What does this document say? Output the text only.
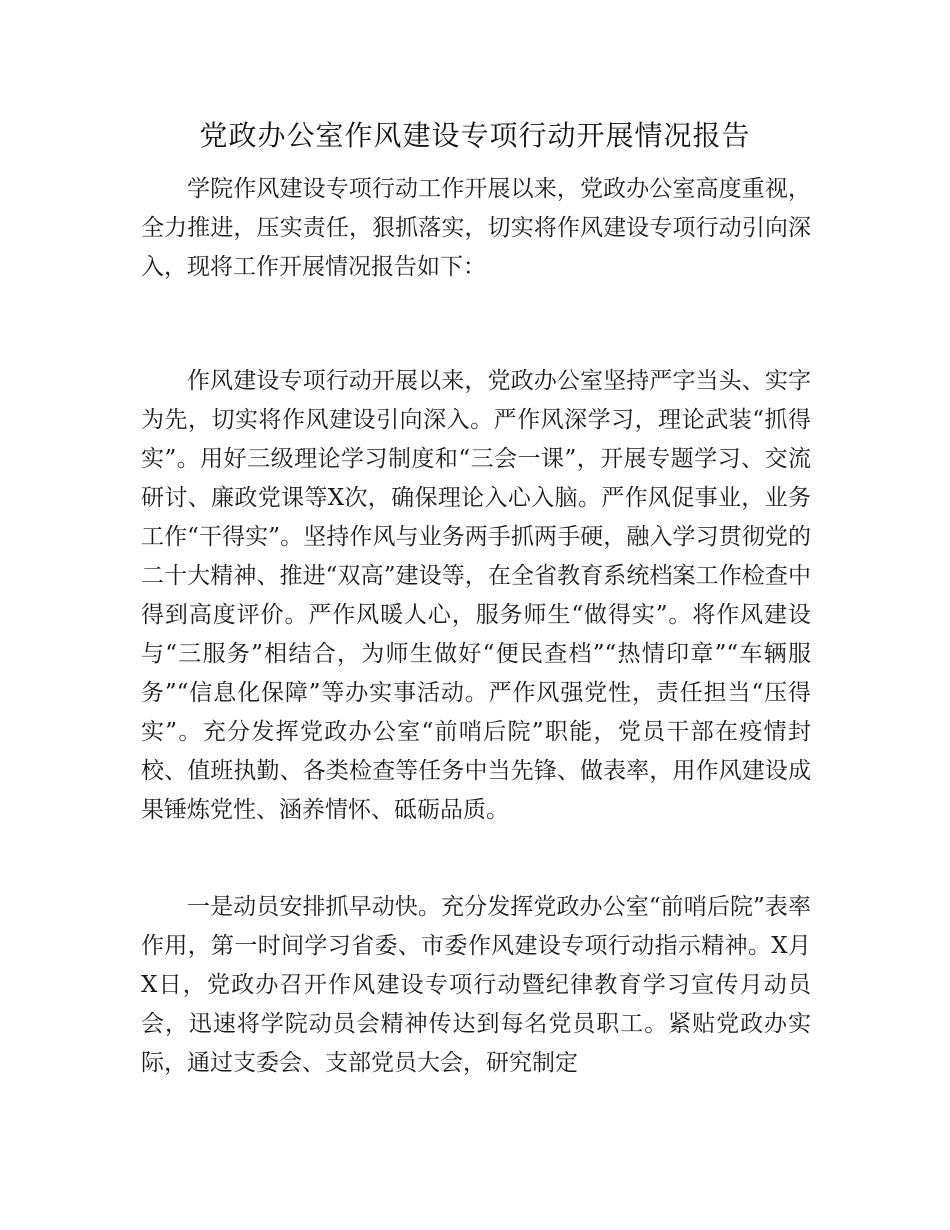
党政办公室作风建设专项行动开展情况报告

学院作风建设专项行动工作开展以来，党政办公室高度重视，全力推进，压实责任，狠抓落实，切实将作风建设专项行动引向深入，现将工作开展情况报告如下：

作风建设专项行动开展以来，党政办公室坚持严字当头、实字为先，切实将作风建设引向深入。严作风深学习，理论武装“抓得实”。用好三级理论学习制度和“三会一课”，开展专题学习、交流研讨、廉政党课等X次，确保理论入心入脑。严作风促事业，业务工作“干得实”。坚持作风与业务两手抓两手硬，融入学习贯彻党的二十大精神、推进“双高”建设等，在全省教育系统档案工作检查中得到高度评价。严作风暖人心，服务师生“做得实”。将作风建设与“三服务”相结合，为师生做好“便民查档”“热情印章”“车辆服务”“信息化保障”等办实事活动。严作风强党性，责任担当“压得实”。充分发挥党政办公室“前哨后院”职能，党员干部在疫情封校、值班执勤、各类检查等任务中当先锋、做表率，用作风建设成果锤炼党性、涵养情怀、砥砺品质。

一是动员安排抓早动快。充分发挥党政办公室“前哨后院”表率作用，第一时间学习省委、市委作风建设专项行动指示精神。X月X日，党政办召开作风建设专项行动暨纪律教育学习宣传月动员会，迅速将学院动员会精神传达到每名党员职工。紧贴党政办实际，通过支委会、支部党员大会，研究制定
